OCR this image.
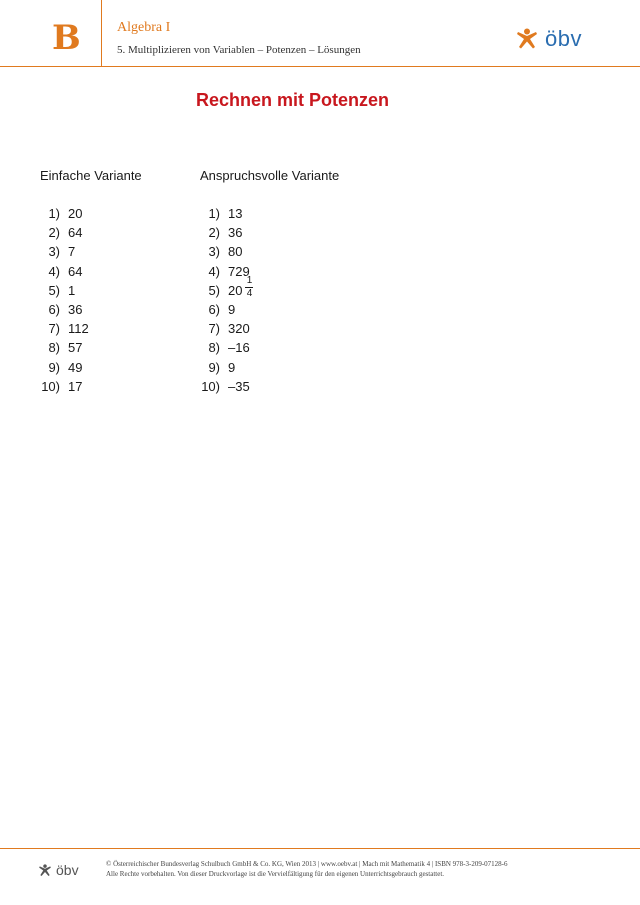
B	Algebra I
5. Multiplizieren von Variablen – Potenzen – Lösungen	öbv
Rechnen mit Potenzen
Einfache Variante
1) 20
2) 64
3) 7
4) 64
5) 1
6) 36
7) 112
8) 57
9) 49
10) 17
Anspruchsvolle Variante
1) 13
2) 36
3) 80
4) 729
5) $20 \frac{1}{4}$
6) 9
7) 320
8) –16
9) 9
10) –35
öbv	© Österreichischer Bundesverlag Schulbuch GmbH & Co. KG, Wien 2013 | www.oebv.at | Mach mit Mathematik 4 | ISBN 978-3-209-07128-6
Alle Rechte vorbehalten. Von dieser Druckvorlage ist die Vervielfältigung für den eigenen Unterrichtsgebrauch gestattet.
